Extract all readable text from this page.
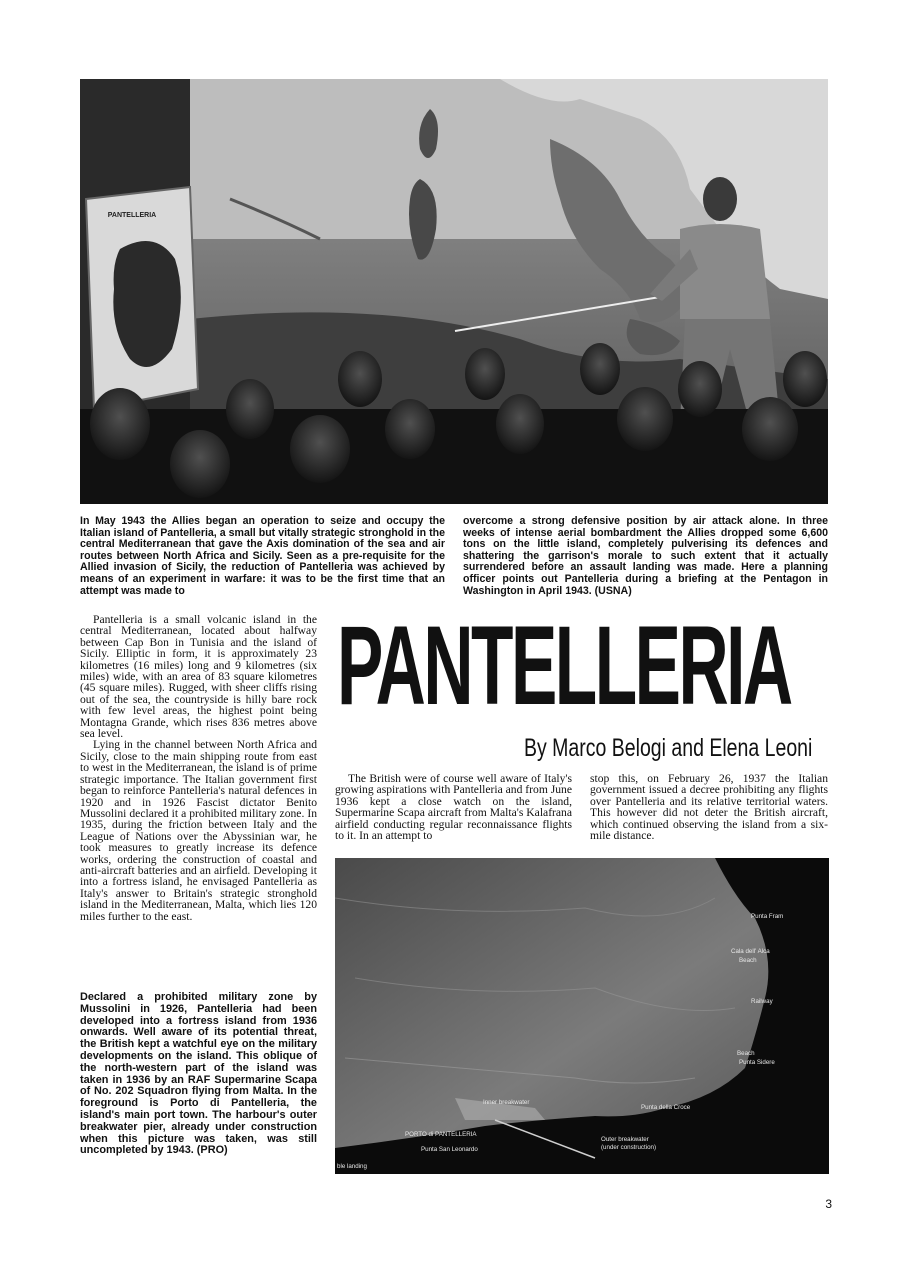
PANTELLERIA

In May 1943 the Allies began an operation to seize and occupy the Italian island of Pantelleria, a small but vitally strategic stronghold in the central Mediterranean that gave the Axis domination of the sea and air routes between North Africa and Sicily. Seen as a pre-requisite for the Allied invasion of Sicily, the reduction of Pantelleria was achieved by means of an experiment in warfare: it was to be the first time that an attempt was made to

overcome a strong defensive position by air attack alone. In three weeks of intense aerial bombardment the Allies dropped some 6,600 tons on the little island, completely pulverising its defences and shattering the garrison's morale to such extent that it actually surrendered before an assault landing was made. Here a planning officer points out Pantelleria during a briefing at the Pentagon in Washington in April 1943. (USNA)

Pantelleria is a small volcanic island in the central Mediterranean, located about halfway between Cap Bon in Tunisia and the island of Sicily. Elliptic in form, it is approximately 23 kilometres (16 miles) long and 9 kilometres (six miles) wide, with an area of 83 square kilometres (45 square miles). Rugged, with sheer cliffs rising out of the sea, the countryside is hilly bare rock with few level areas, the highest point being Montagna Grande, which rises 836 metres above sea level.

Lying in the channel between North Africa and Sicily, close to the main shipping route from east to west in the Mediterranean, the island is of prime strategic importance. The Italian government first began to reinforce Pantelleria's natural defences in 1920 and in 1926 Fascist dictator Benito Mussolini declared it a prohibited military zone. In 1935, during the friction between Italy and the League of Nations over the Abyssinian war, he took measures to greatly increase its defence works, ordering the construction of coastal and anti-aircraft batteries and an airfield. Developing it into a fortress island, he envisaged Pantelleria as Italy's answer to Britain's strategic stronghold island in the Mediterranean, Malta, which lies 120 miles further to the east.

Declared a prohibited military zone by Mussolini in 1926, Pantelleria had been developed into a fortress island from 1936 onwards. Well aware of its potential threat, the British kept a watchful eye on the military developments on the island. This oblique of the north-western part of the island was taken in 1936 by an RAF Supermarine Scapa of No. 202 Squadron flying from Malta. In the foreground is Porto di Pantelleria, the island's main port town. The harbour's outer breakwater pier, already under construction when this picture was taken, was still uncompleted by 1943. (PRO)

PANTELLERIA
By Marco Belogi and Elena Leoni

The British were of course well aware of Italy's growing aspirations with Pantelleria and from June 1936 kept a close watch on the island, Supermarine Scapa aircraft from Malta's Kalafrana airfield conducting regular reconnaissance flights to it. In an attempt to

stop this, on February 26, 1937 the Italian government issued a decree prohibiting any flights over Pantelleria and its relative territorial waters. This however did not deter the British aircraft, which continued observing the island from a six-mile distance.

Punta Fram
Cala dell' Alca
Beach
Railway
Beach
Punta Sidere
Inner breakwater
Punta della Croce
PORTO di PANTELLERIA
Punta San Leonardo
Outer breakwater
(under construction)
ble landing
3
